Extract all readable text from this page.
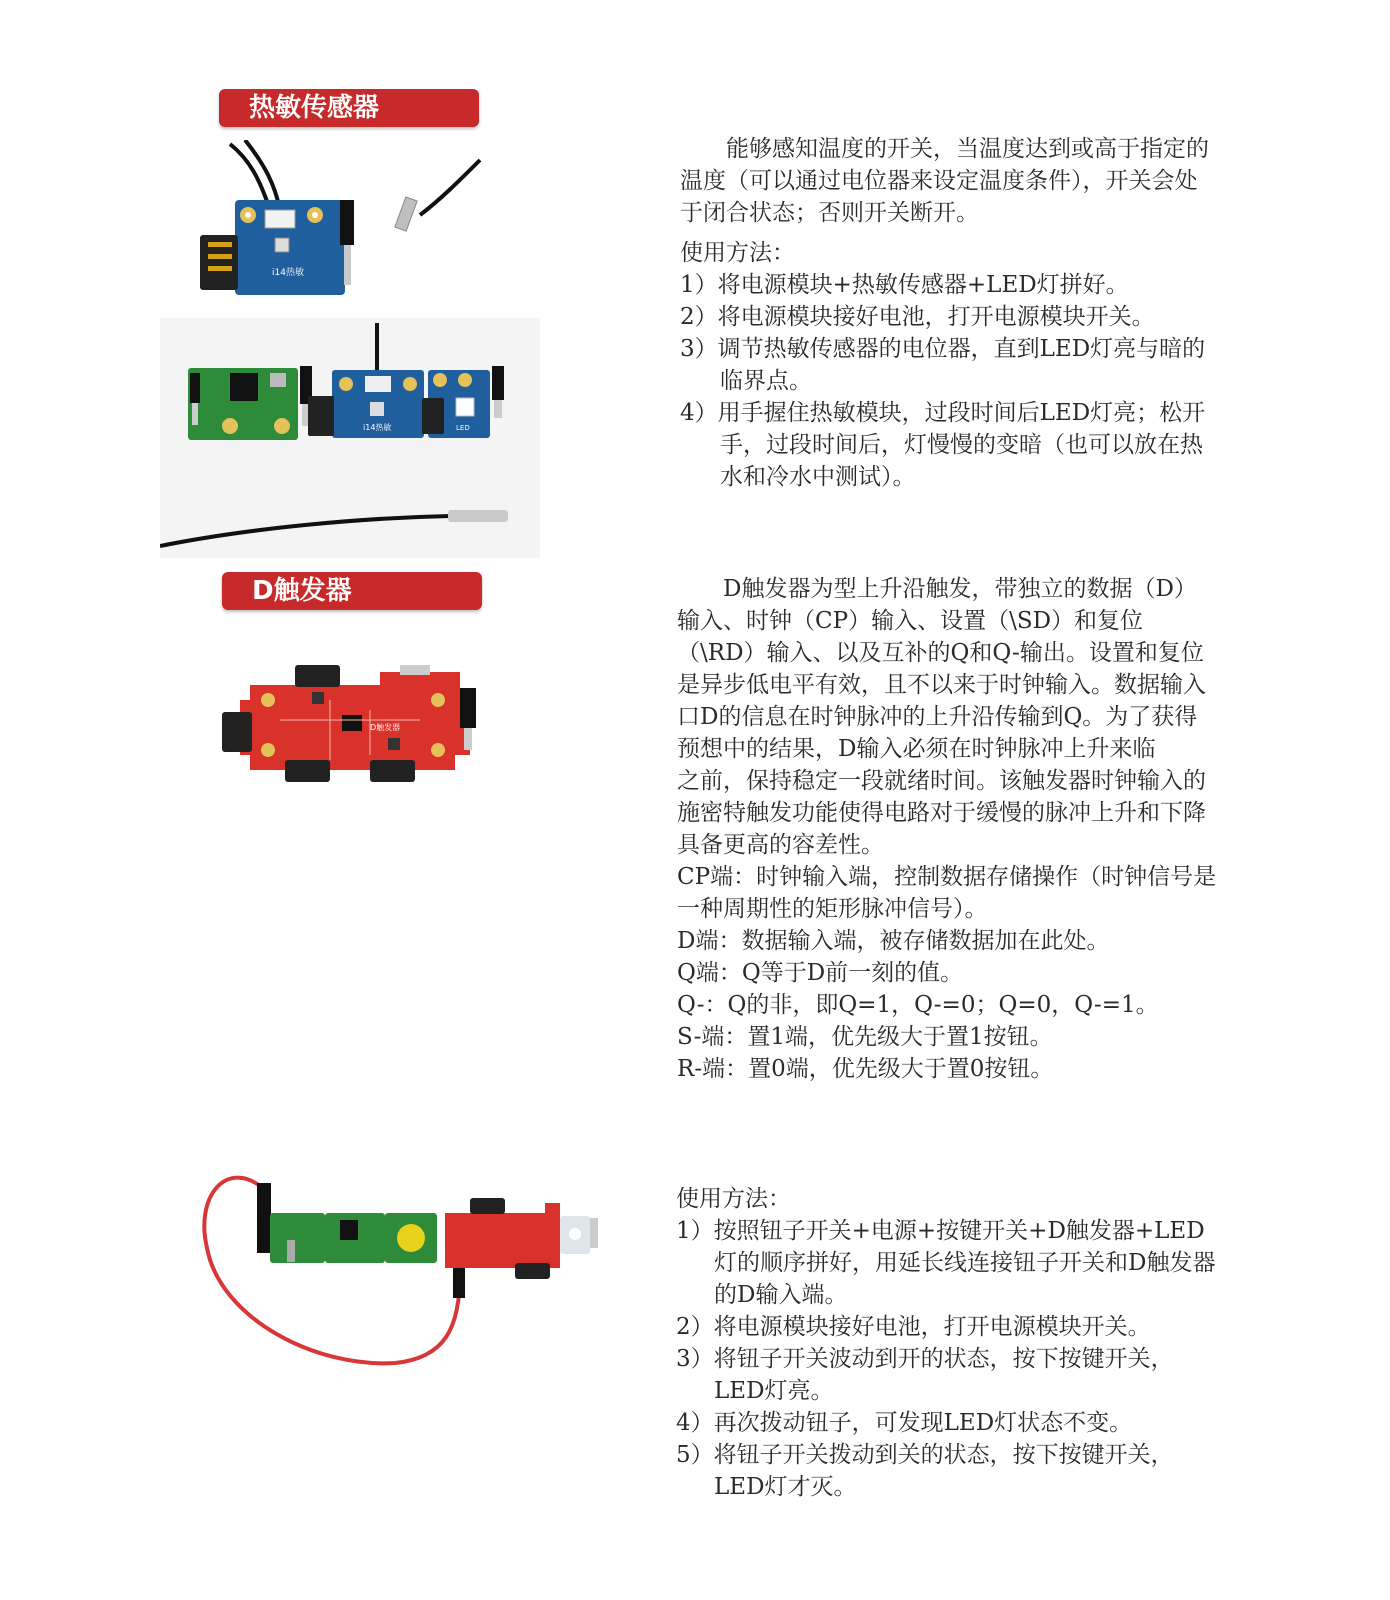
热敏传感器
i14热敏
i14热敏	LED

能够感知温度的开关，当温度达到或高于指定的温度（可以通过电位器来设定温度条件），开关会处于闭合状态；否则开关断开。

使用方法：

1）将电源模块+热敏传感器+LED灯拼好。

2）将电源模块接好电池，打开电源模块开关。

3）调节热敏传感器的电位器，直到LED灯亮与暗的临界点。

4）用手握住热敏模块，过段时间后LED灯亮；松开手，过段时间后，灯慢慢的变暗（也可以放在热水和冷水中测试）。

D触发器
D触发器

D触发器为型上升沿触发，带独立的数据（D）输入、时钟（CP）输入、设置（\SD）和复位（\RD）输入、以及互补的Q和Q-输出。设置和复位是异步低电平有效，且不以来于时钟输入。数据输入口D的信息在时钟脉冲的上升沿传输到Q。为了获得预想中的结果，D输入必须在时钟脉冲上升来临

之前，保持稳定一段就绪时间。该触发器时钟输入的施密特触发功能使得电路对于缓慢的脉冲上升和下降具备更高的容差性。

CP端：时钟输入端，控制数据存储操作（时钟信号是一种周期性的矩形脉冲信号）。

D端：数据输入端，被存储数据加在此处。

Q端：Q等于D前一刻的值。

Q-：Q的非，即Q=1，Q-=0；Q=0，Q-=1。

S-端：置1端，优先级大于置1按钮。

R-端：置0端，优先级大于置0按钮。

使用方法：

1）按照钮子开关+电源+按键开关+D触发器+LED灯的顺序拼好，用延长线连接钮子开关和D触发器的D输入端。

2）将电源模块接好电池，打开电源模块开关。

3）将钮子开关波动到开的状态，按下按键开关，LED灯亮。

4）再次拨动钮子，可发现LED灯状态不变。

5）将钮子开关拨动到关的状态，按下按键开关，LED灯才灭。
